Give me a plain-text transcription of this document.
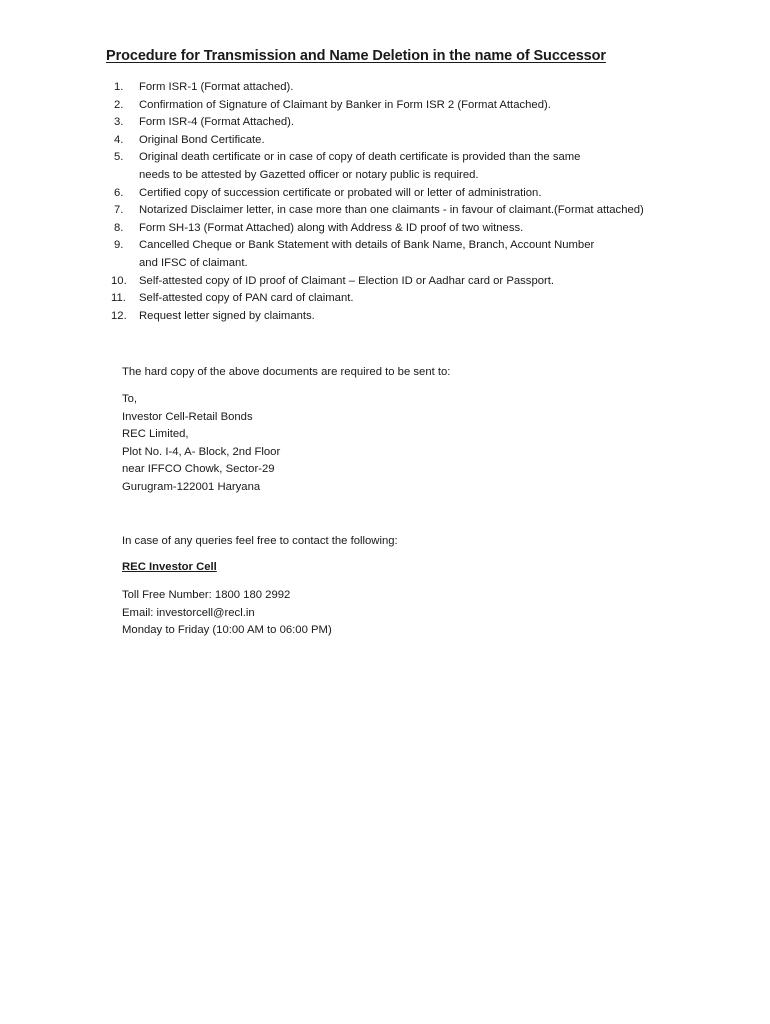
Procedure for Transmission and Name Deletion in the name of Successor
1.	Form ISR-1 (Format attached).
2.	Confirmation of Signature of Claimant by Banker in Form ISR 2 (Format Attached).
3.	Form ISR-4 (Format Attached).
4.	Original Bond Certificate.
5.	Original death certificate or in case of copy of death certificate is provided than the same
needs to be attested by Gazetted officer or notary public is required.
6.	Certified copy of succession certificate or probated will or letter of administration.
7.	Notarized Disclaimer letter, in case more than one claimants - in favour of claimant.(Format attached)
8.	Form SH-13 (Format Attached) along with Address & ID proof of two witness.
9.	Cancelled Cheque or Bank Statement with details of Bank Name, Branch, Account Number
and IFSC of claimant.
10.	Self-attested copy of ID proof of Claimant – Election ID or Aadhar card or Passport.
11.	Self-attested copy of PAN card of claimant.
12.	Request letter signed by claimants.
The hard copy of the above documents are required to be sent to:
To,
Investor Cell-Retail Bonds
REC Limited,
Plot No. I-4, A- Block, 2nd Floor
near IFFCO Chowk, Sector-29
Gurugram-122001 Haryana
In case of any queries feel free to contact the following:
REC Investor Cell
Toll Free Number: 1800 180 2992
Email: investorcell@recl.in
Monday to Friday (10:00 AM to 06:00 PM)
